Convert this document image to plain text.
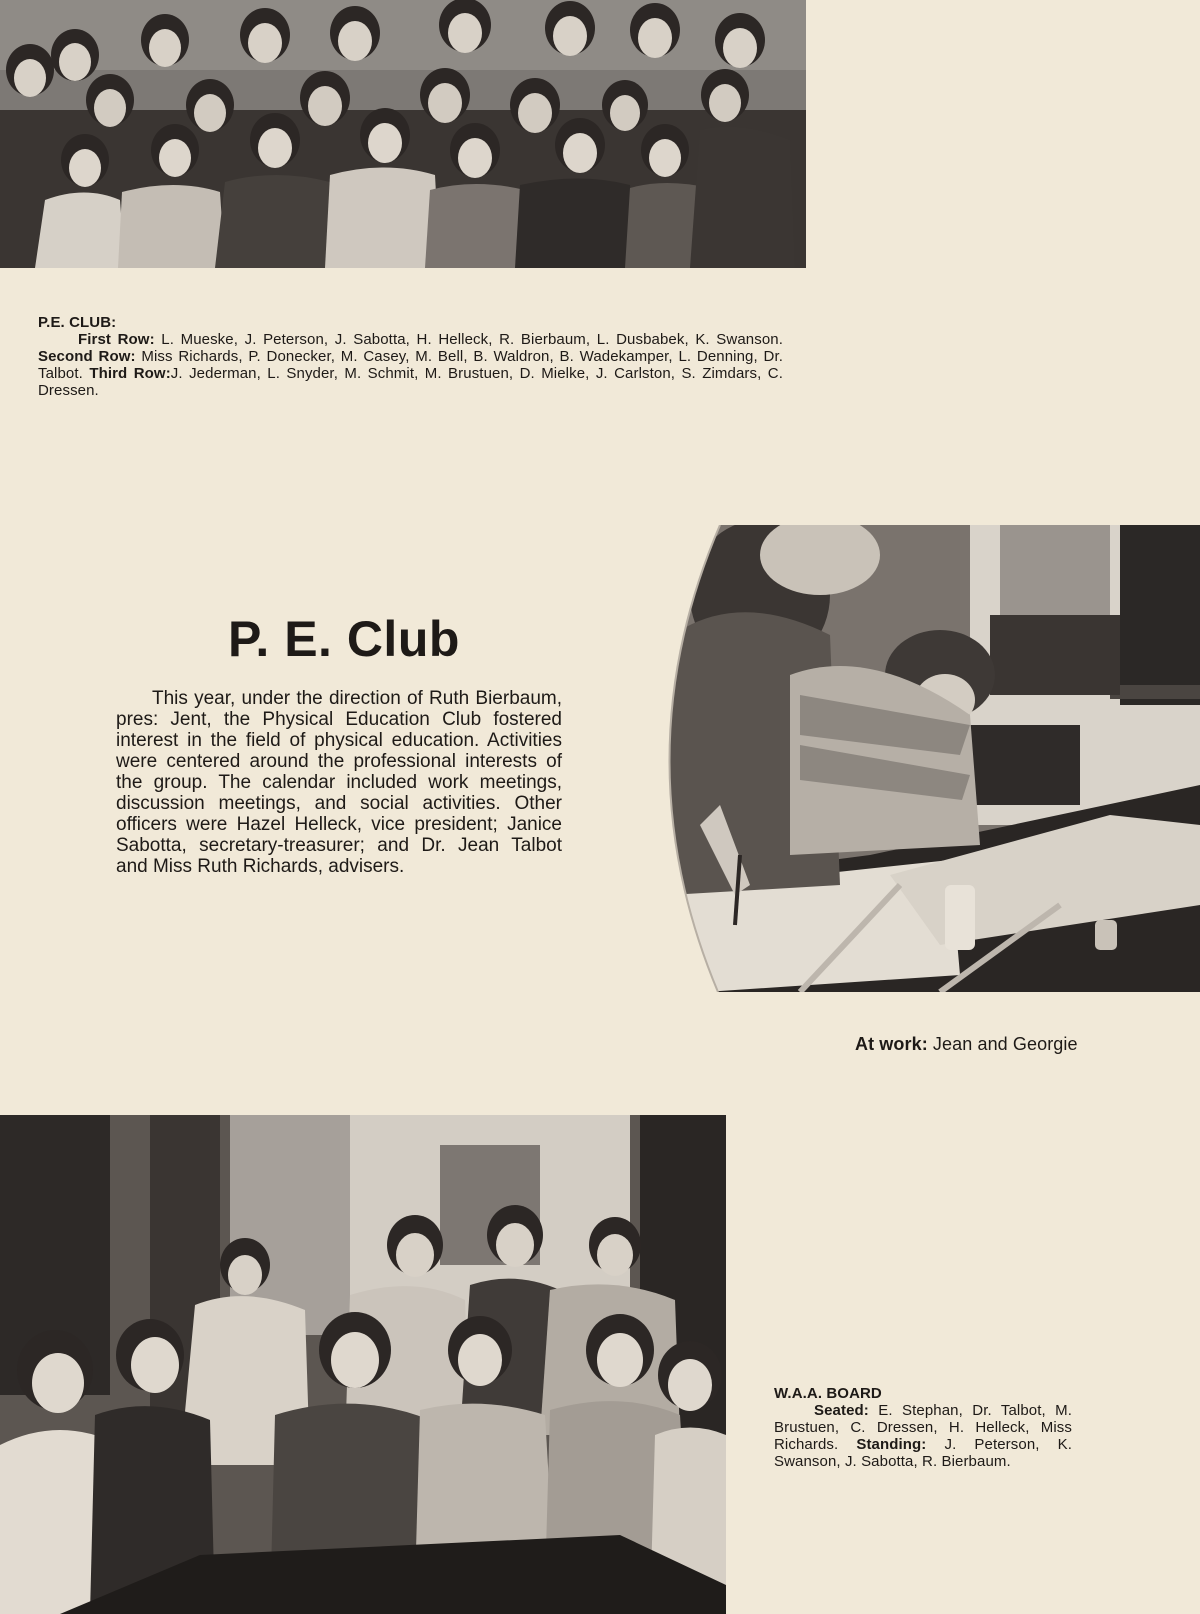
P.E. CLUB:
First Row: L. Mueske, J. Peterson, J. Sabotta, H. Helleck, R. Bierbaum, L. Dusbabek, K. Swanson. Second Row: Miss Richards, P. Donecker, M. Casey, M. Bell, B. Waldron, B. Wadekamper, L. Denning, Dr. Talbot. Third Row:J. Jederman, L. Snyder, M. Schmit, M. Brustuen, D. Mielke, J. Carlston, S. Zimdars, C. Dressen.
P. E. Club

This year, under the direction of Ruth Bierbaum, pres: Jent, the Physical Education Club fostered interest in the field of physical education. Activities were centered around the professional interests of the group. The calendar included work meetings, discussion meetings, and social activities. Other officers were Hazel Helleck, vice president; Janice Sabotta, secretary-treasurer; and Dr. Jean Talbot and Miss Ruth Richards, advisers.

At work: Jean and Georgie
W.A.A. BOARD
Seated: E. Stephan, Dr. Talbot, M. Brustuen, C. Dressen, H. Helleck, Miss Richards. Standing: J. Peterson, K. Swanson, J. Sabotta, R. Bierbaum.
